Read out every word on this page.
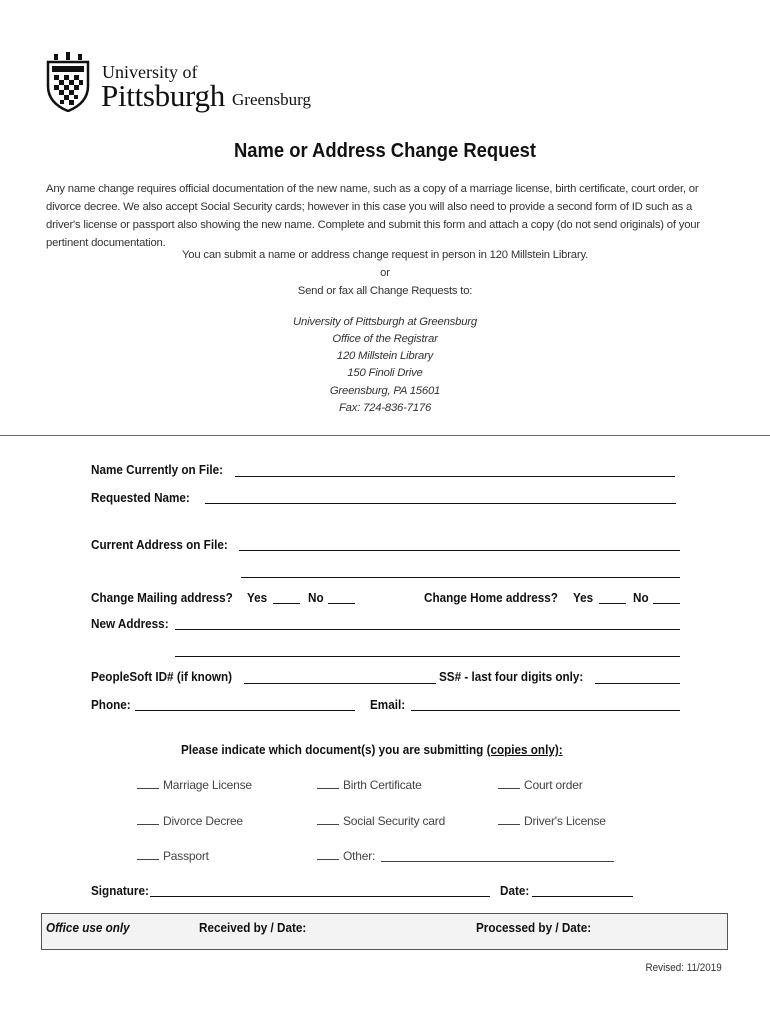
University of
Pittsburgh Greensburg
Name or Address Change Request
Any name change requires official documentation of the new name, such as a copy of a marriage license, birth certificate, court order, or
divorce decree. We also accept Social Security cards; however in this case you will also need to provide a second form of ID such as a
driver's license or passport also showing the new name. Complete and submit this form and attach a copy (do not send originals) of your
pertinent documentation.
You can submit a name or address change request in person in 120 Millstein Library.
or
Send or fax all Change Requests to:
University of Pittsburgh at Greensburg
Office of the Registrar
120 Millstein Library
150 Finoli Drive
Greensburg, PA 15601
Fax: 724-836-7176
Name Currently on File:
Requested Name:
Current Address on File:
Change Mailing address? Yes	No	Change Home address? Yes	No
New Address:
PeopleSoft ID# (if known)	SS# - last four digits only:
Phone:	Email:
Please indicate which document(s) you are submitting (copies only):
Marriage License	Birth Certificate	Court order
Divorce Decree	Social Security card	Driver's License
Passport	Other:
Signature:	Date:
Office use only	Received by / Date:	Processed by / Date:
Revised: 11/2019
